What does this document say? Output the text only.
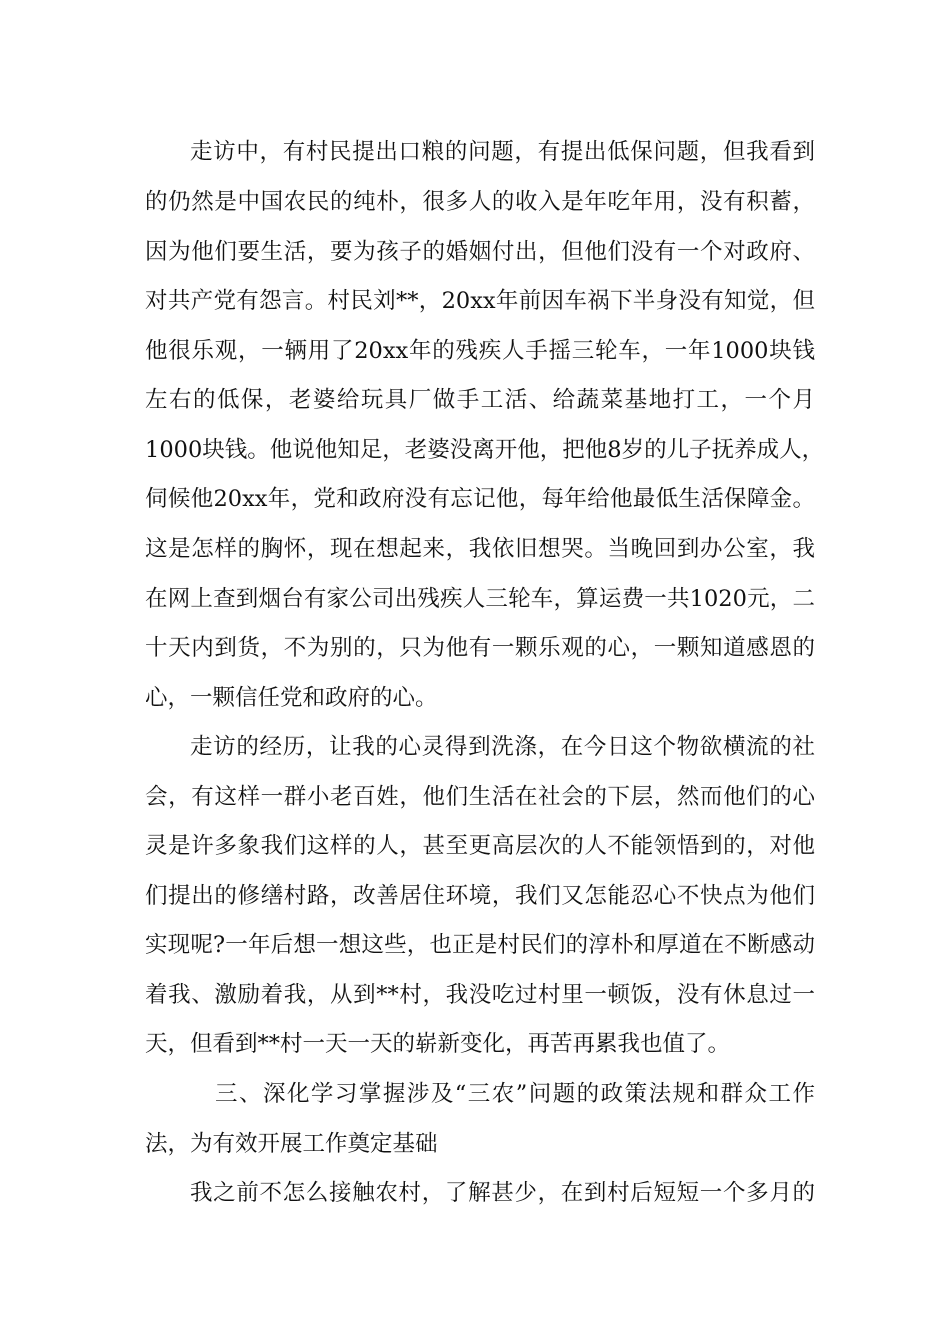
走访中，有村民提出口粮的问题，有提出低保问题，但我看到
的仍然是中国农民的纯朴，很多人的收入是年吃年用，没有积蓄，
因为他们要生活，要为孩子的婚姻付出，但他们没有一个对政府、
对共产党有怨言。村民刘**，20xx年前因车祸下半身没有知觉，但
他很乐观，一辆用了20xx年的残疾人手摇三轮车，一年1000块钱
左右的低保，老婆给玩具厂做手工活、给蔬菜基地打工，一个月
1000块钱。他说他知足，老婆没离开他，把他8岁的儿子抚养成人，
伺候他20xx年，党和政府没有忘记他，每年给他最低生活保障金。
这是怎样的胸怀，现在想起来，我依旧想哭。当晚回到办公室，我
在网上查到烟台有家公司出残疾人三轮车，算运费一共1020元，二
十天内到货，不为别的，只为他有一颗乐观的心，一颗知道感恩的
心，一颗信任党和政府的心。
走访的经历，让我的心灵得到洗涤，在今日这个物欲横流的社
会，有这样一群小老百姓，他们生活在社会的下层，然而他们的心
灵是许多象我们这样的人，甚至更高层次的人不能领悟到的，对他
们提出的修缮村路，改善居住环境，我们又怎能忍心不快点为他们
实现呢?一年后想一想这些，也正是村民们的淳朴和厚道在不断感动
着我、激励着我，从到**村，我没吃过村里一顿饭，没有休息过一
天，但看到**村一天一天的崭新变化，再苦再累我也值了。
三、深化学习掌握涉及“三农”问题的政策法规和群众工作
法，为有效开展工作奠定基础
我之前不怎么接触农村，了解甚少，在到村后短短一个多月的
